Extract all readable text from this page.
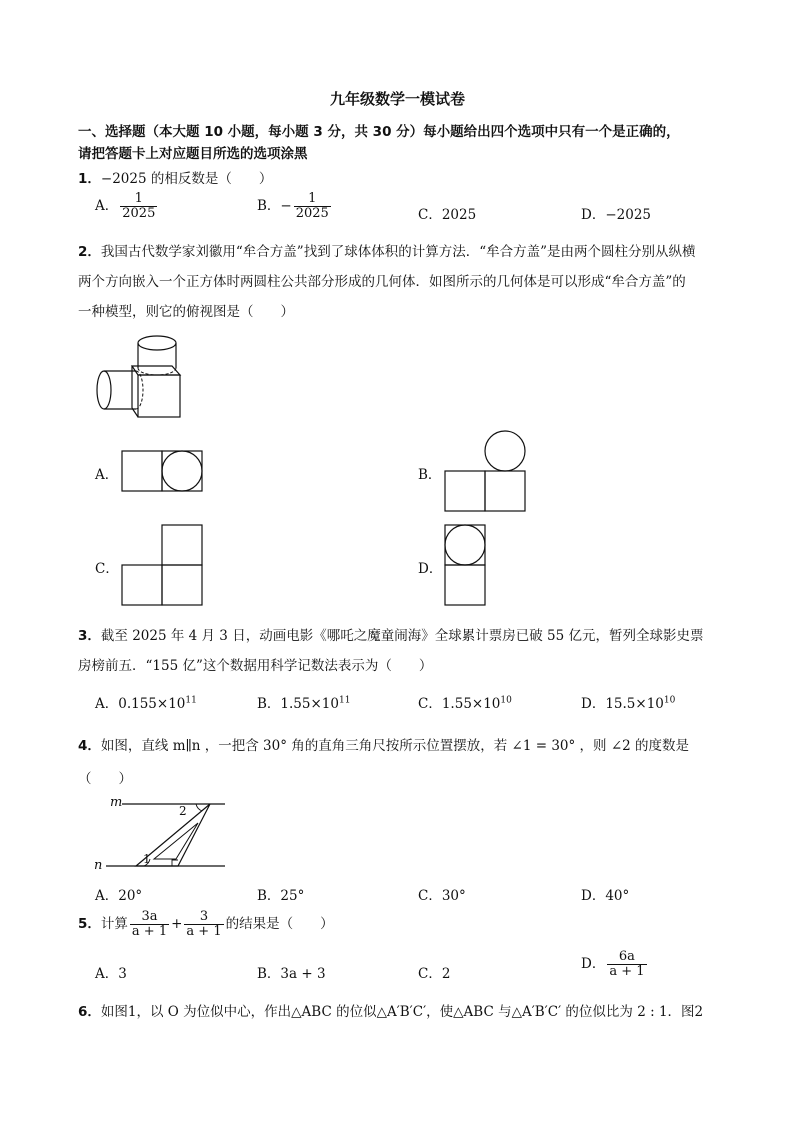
九年级数学一模试卷
一、选择题（本大题 10 小题，每小题 3 分，共 30 分）每小题给出四个选项中只有一个是正确的，
请把答题卡上对应题目所选的选项涂黑
1．−2025 的相反数是（　　）
A． $\frac{1}{2025}$	B．− $\frac{1}{2025}$	C．2025	D．−2025
2．我国古代数学家刘徽用“牟合方盖”找到了球体体积的计算方法．“牟合方盖”是由两个圆柱分别从纵横
两个方向嵌入一个正方体时两圆柱公共部分形成的几何体．如图所示的几何体是可以形成“牟合方盖”的
一种模型，则它的俯视图是（　　）
A．	B．
C．	D．
3．截至 2025 年 4 月 3 日，动画电影《哪吒之魔童闹海》全球累计票房已破 55 亿元，暂列全球影史票
房榜前五．“155 亿”这个数据用科学记数法表示为（　　）
A．$0.155\times 10^{11}$	B．$1.55\times 10^{11}$	C．$1.55\times 10^{10}$	D．$15.5\times 10^{10}$
4．如图，直线 m∥n ，一把含 30° 角的直角三角尺按所示位置摆放，若 ∠1 = 30° ，则 ∠2 的度数是
（　　）
m
n
2
1
A．20°	B．25°	C．30°	D．40°
5．计算 $\frac{3a}{a + 1} + \frac{3}{a + 1}$ 的结果是（　　）
A．3	B．3a + 3	C．2
D． $\frac{6a}{a + 1}$
6．如图1，以 O 为位似中心，作出△ABC 的位似△A′B′C′，使△ABC 与△A′B′C′ 的位似比为 2 : 1．图2
